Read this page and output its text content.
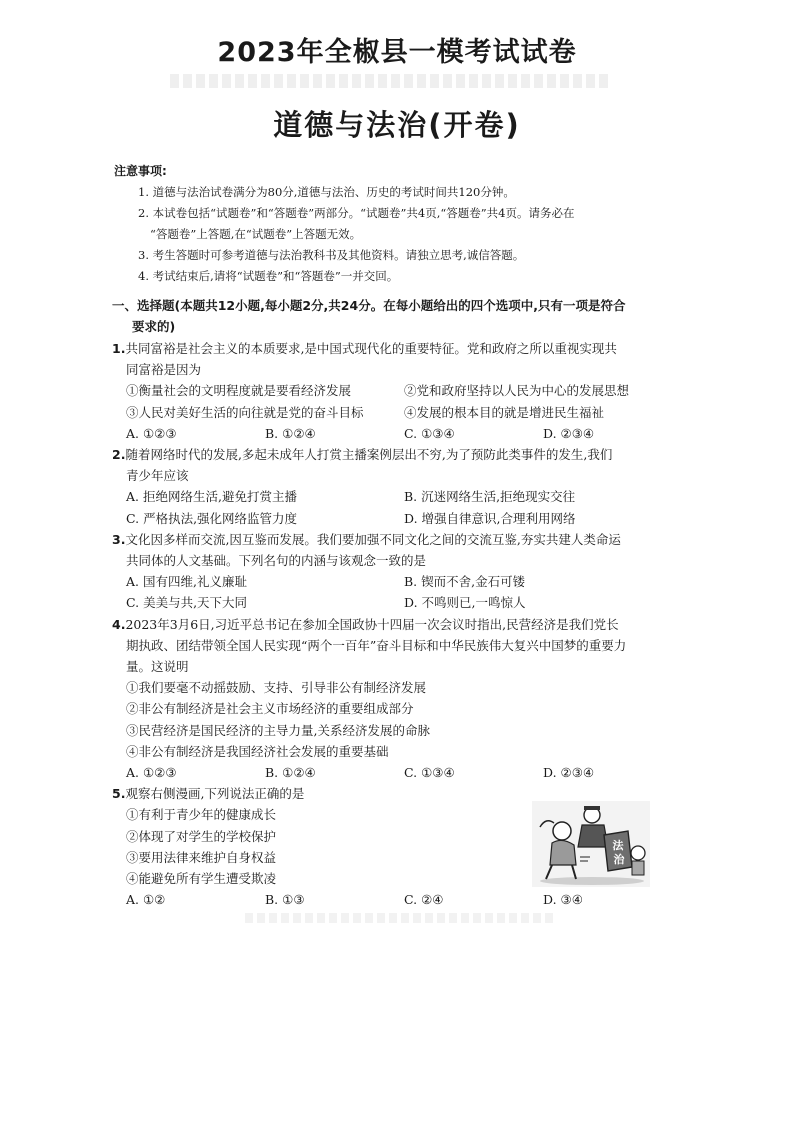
2023年全椒县一模考试试卷
道德与法治(开卷)
注意事项:
1. 道德与法治试卷满分为80分,道德与法治、历史的考试时间共120分钟。
2. 本试卷包括“试题卷”和“答题卷”两部分。“试题卷”共4页,“答题卷”共4页。请务必在
“答题卷”上答题,在“试题卷”上答题无效。
3. 考生答题时可参考道德与法治教科书及其他资料。请独立思考,诚信答题。
4. 考试结束后,请将“试题卷”和“答题卷”一并交回。
一、选择题(本题共12小题,每小题2分,共24分。在每小题给出的四个选项中,只有一项是符合
要求的)
1.共同富裕是社会主义的本质要求,是中国式现代化的重要特征。党和政府之所以重视实现共
同富裕是因为
①衡量社会的文明程度就是要看经济发展	②党和政府坚持以人民为中心的发展思想
③人民对美好生活的向往就是党的奋斗目标	④发展的根本目的就是增进民生福祉
A. ①②③	B. ①②④	C. ①③④	D. ②③④
2.随着网络时代的发展,多起未成年人打赏主播案例层出不穷,为了预防此类事件的发生,我们
青少年应该
A. 拒绝网络生活,避免打赏主播	B. 沉迷网络生活,拒绝现实交往
C. 严格执法,强化网络监管力度	D. 增强自律意识,合理利用网络
3.文化因多样而交流,因互鉴而发展。我们要加强不同文化之间的交流互鉴,夯实共建人类命运
共同体的人文基础。下列名句的内涵与该观念一致的是
A. 国有四维,礼义廉耻	B. 锲而不舍,金石可镂
C. 美美与共,天下大同	D. 不鸣则已,一鸣惊人
4.2023年3月6日,习近平总书记在参加全国政协十四届一次会议时指出,民营经济是我们党长
期执政、团结带领全国人民实现“两个一百年”奋斗目标和中华民族伟大复兴中国梦的重要力
量。这说明
①我们要毫不动摇鼓励、支持、引导非公有制经济发展
②非公有制经济是社会主义市场经济的重要组成部分
③民营经济是国民经济的主导力量,关系经济发展的命脉
④非公有制经济是我国经济社会发展的重要基础
A. ①②③	B. ①②④	C. ①③④	D. ②③④
5.观察右侧漫画,下列说法正确的是
①有利于青少年的健康成长
②体现了对学生的学校保护
③要用法律来维护自身权益
④能避免所有学生遭受欺凌
A. ①②	B. ①③	C. ②④	D. ③④
法
治
